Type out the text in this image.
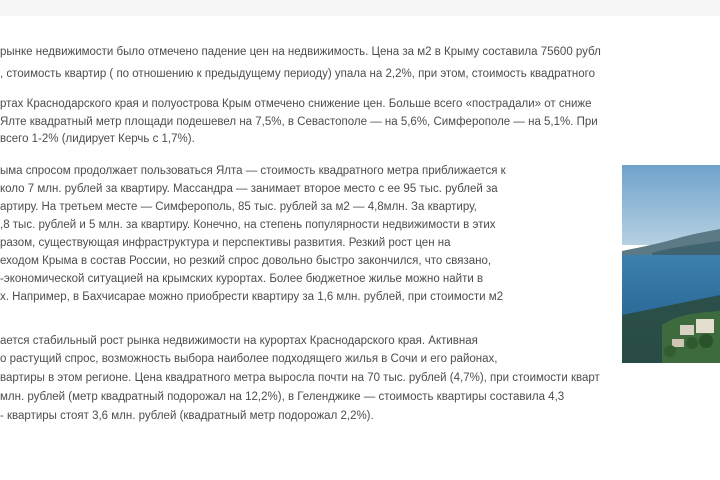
рынке недвижимости было отмечено падение цен на недвижимость. Цена за м2 в Крыму составила 75600 рубл
, стоимость квартир ( по отношению к предыдущему периоду) упала на 2,2%, при этом, стоимость квадратного
ртах Краснодарского края и полуострова Крым отмечено снижение цен. Больше всего «пострадали» от сниже
Ялте квадратный метр площади подешевел на 7,5%, в Севастополе — на 5,6%, Симферополе — на 5,1%. При
всего 1-2% (лидирует Керчь с 1,7%).
ыма спросом продолжает пользоваться Ялта — стоимость квадратного метра приближается к
коло 7 млн. рублей за квартиру. Массандра — занимает второе место с ее 95 тыс. рублей за
артиру. На третьем месте — Симферополь, 85 тыс. рублей за м2 — 4,8млн. За квартиру,
,8 тыс. рублей и 5 млн. за квартиру. Конечно, на степень популярности недвижимости в этих
разом, существующая инфраструктура и перспективы развития. Резкий рост цен на
еходом Крыма в состав России, но резкий спрос довольно быстро закончился, что связано,
-экономической ситуацией на крымских курортах. Более бюджетное жилье можно найти в
х. Например, в Бахчисарае можно приобрести квартиру за 1,6 млн. рублей, при стоимости м2
ается стабильный рост рынка недвижимости на курортах Краснодарского края. Активная
о растущий спрос, возможность выбора наиболее подходящего жилья в Сочи и его районах,
вартиры в этом регионе. Цена квадратного метра выросла почти на 70 тыс. рублей (4,7%), при стоимости кварт
млн. рублей (метр квадратный подорожал на 12,2%), в Геленджике — стоимость квартиры составила 4,3
- квартиры стоят 3,6 млн. рублей (квадратный метр подорожал 2,2%).
